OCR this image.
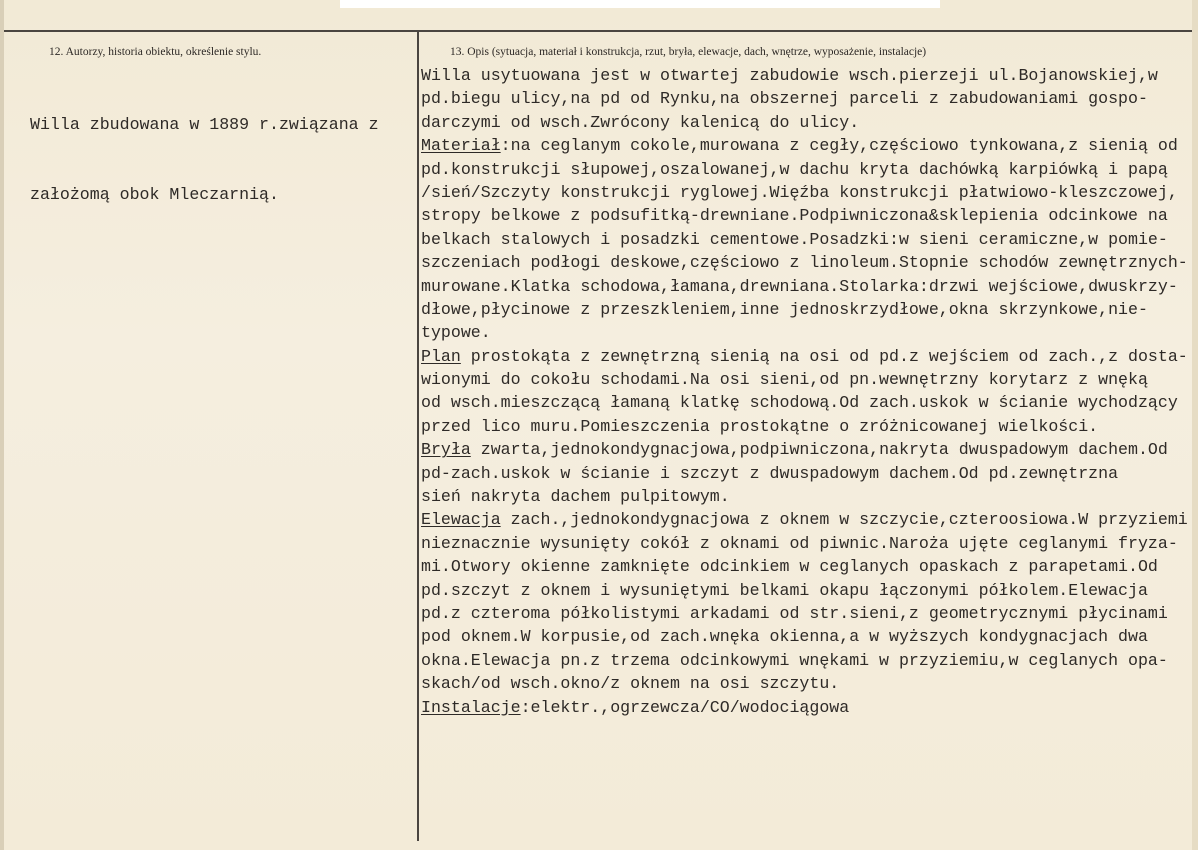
12. Autorzy, historia obiektu, określenie stylu.	13. Opis (sytuacja, materiał i konstrukcja, rzut, bryła, elewacje, dach, wnętrze, wyposażenie, instalacje)

Willa zbudowana w 1889 r.związana z

założomą obok Mleczarnią.

Willa usytuowana jest w otwartej zabudowie wsch.pierzeji ul.Bojanowskiej,w
pd.biegu ulicy,na pd od Rynku,na obszernej parceli z zabudowaniami gospo-
darczymi od wsch.Zwrócony kalenicą do ulicy.
Materiał:na ceglanym cokole,murowana z cegły,częściowo tynkowana,z sienią od
pd.konstrukcji słupowej,oszalowanej,w dachu kryta dachówką karpiówką i papą
/sień/Szczyty konstrukcji ryglowej.Więźba konstrukcji płatwiowo-kleszczowej,
stropy belkowe z podsufitką-drewniane.Podpiwniczona&sklepienia odcinkowe na
belkach stalowych i posadzki cementowe.Posadzki:w sieni ceramiczne,w pomie-
szczeniach podłogi deskowe,częściowo z linoleum.Stopnie schodów zewnętrznych-
murowane.Klatka schodowa,łamana,drewniana.Stolarka:drzwi wejściowe,dwuskrzy-
dłowe,płycinowe z przeszkleniem,inne jednoskrzydłowe,okna skrzynkowe,nie-
typowe.
Plan prostokąta z zewnętrzną sienią na osi od pd.z wejściem od zach.,z dosta-
wionymi do cokołu schodami.Na osi sieni,od pn.wewnętrzny korytarz z wnęką
od wsch.mieszczącą łamaną klatkę schodową.Od zach.uskok w ścianie wychodzący
przed lico muru.Pomieszczenia prostokątne o zróżnicowanej wielkości.
Bryła zwarta,jednokondygnacjowa,podpiwniczona,nakryta dwuspadowym dachem.Od
pd-zach.uskok w ścianie i szczyt z dwuspadowym dachem.Od pd.zewnętrzna
sień nakryta dachem pulpitowym.
Elewacja zach.,jednokondygnacjowa z oknem w szczycie,czteroosiowa.W przyziemi
nieznacznie wysunięty cokół z oknami od piwnic.Naroża ujęte ceglanymi fryza-
mi.Otwory okienne zamknięte odcinkiem w ceglanych opaskach z parapetami.Od
pd.szczyt z oknem i wysuniętymi belkami okapu łączonymi półkolem.Elewacja
pd.z czteroma półkolistymi arkadami od str.sieni,z geometrycznymi płycinami
pod oknem.W korpusie,od zach.wnęka okienna,a w wyższych kondygnacjach dwa
okna.Elewacja pn.z trzema odcinkowymi wnękami w przyziemiu,w ceglanych opa-
skach/od wsch.okno/z oknem na osi szczytu.
Instalacje:elektr.,ogrzewcza/CO/wodociągowa
